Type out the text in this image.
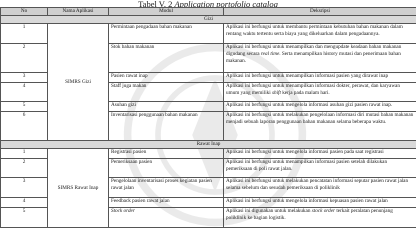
Tabel V. 2 Application portofolio catalog
No	Nama Aplikasi	Modul	Deksripsi
Gizi			
1	SIMRS Gizi	Permintaan pengadaan bahan makanan	Aplikasi ini berfungsi untuk membantu permintaan kebutuhan bahan makanan dalam rentang waktu tertentu serta biaya yang dikeluarkan dalam pengadaannya.
2		Stok bahan makanan	Aplikasi ini berfungsi untuk menampilkan dan mengupdate keadaan bahan makanan digudang secara real time. Serta menampilkan history mutasi dan penerimaan bahan makanan.
3		Pasien rawat inap	Aplikasi ini berfungsi untuk menampilkan informasi pasien yang dirawat inap
4		Staff juga makan	Aplikasi ini berfungsi untuk menampilkan informasi dokter, perawat, dan karyawan umum yang memiliki shift kerja pada malam hari.
5		Asuhan gizi	Aplikasi ini berfungsi untuk mengelola informasi asuhan gizi pasien rawat inap.
6		Inventarisasi penggunaan bahan makanan	Aplikasi ini berfungsi untuk melakukan pengelolaan informasi diri mutasi bahan makanan menjadi sebuah laporan penggunaan bahan makanan selama beberapa waktu.
Rawat Inap			
1	SIMRS Rawat Inap	Registrasi pasien	Aplikasi ini berfungsi untuk mengelola informasi pasien pada saat registrasi
2		Pemeriksaan pasien	Aplikasi ini berfungsi untuk menampilkan informasi pasien setelah dilakukan pemeriksaan di poli rawat jalan.
3		Pengelolaan inventarisasi proses kegiatan pasien rawat jalan	Aplikasi ini berfungsi untuk melakukan pencatatan informasi seputar pasien rawat jalan selama sebelum dan sesudah pemeriksaan di poliklinik
4		Feedback pasien rawat jalan	Aplikasi ini berfungsi untuk mengelola informasi kepuasan pasien rawat jalan
5		Stock order	Aplikasi ini digunakan untuk melakukan stock order terkait peralatan penunjang poliklinik ke bagian logistik.
